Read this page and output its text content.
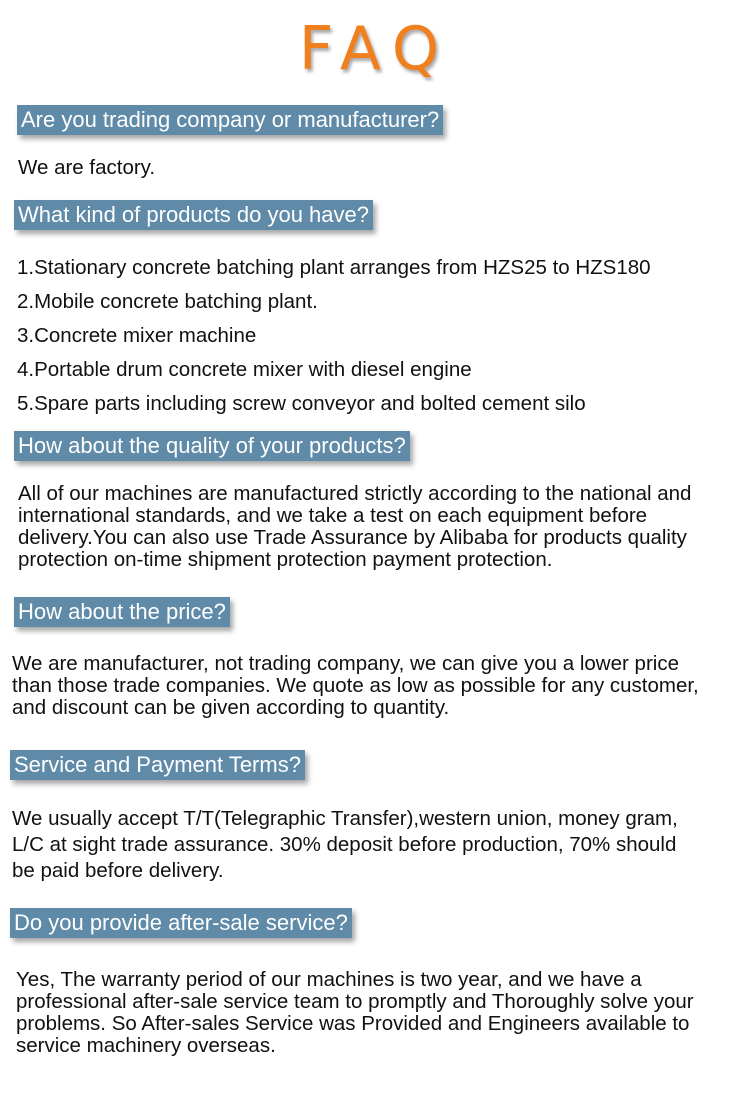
FAQ
Are you trading company or manufacturer?
We are factory.
What kind of products do you have?
1.Stationary concrete batching plant arranges from HZS25 to HZS180
2.Mobile concrete batching plant.
3.Concrete mixer machine
4.Portable drum concrete mixer with diesel engine
5.Spare parts including screw conveyor and bolted cement silo
How about the quality of your products?
All of our machines are manufactured strictly according to the national and
international standards, and we take a test on each equipment before
delivery.You can also use Trade Assurance by Alibaba for products quality
protection on-time shipment protection payment protection.
How about the price?
We are manufacturer, not trading company, we can give you a lower price
than those trade companies. We quote as low as possible for any customer,
and discount can be given according to quantity.
Service and Payment Terms?
We usually accept T/T(Telegraphic Transfer),western union, money gram,
L/C at sight trade assurance. 30% deposit before production, 70% should
be paid before delivery.
Do you provide after-sale service?
Yes, The warranty period of our machines is two year, and we have a
professional after-sale service team to promptly and Thoroughly solve your
problems. So After-sales Service was Provided and Engineers available to
service machinery overseas.
